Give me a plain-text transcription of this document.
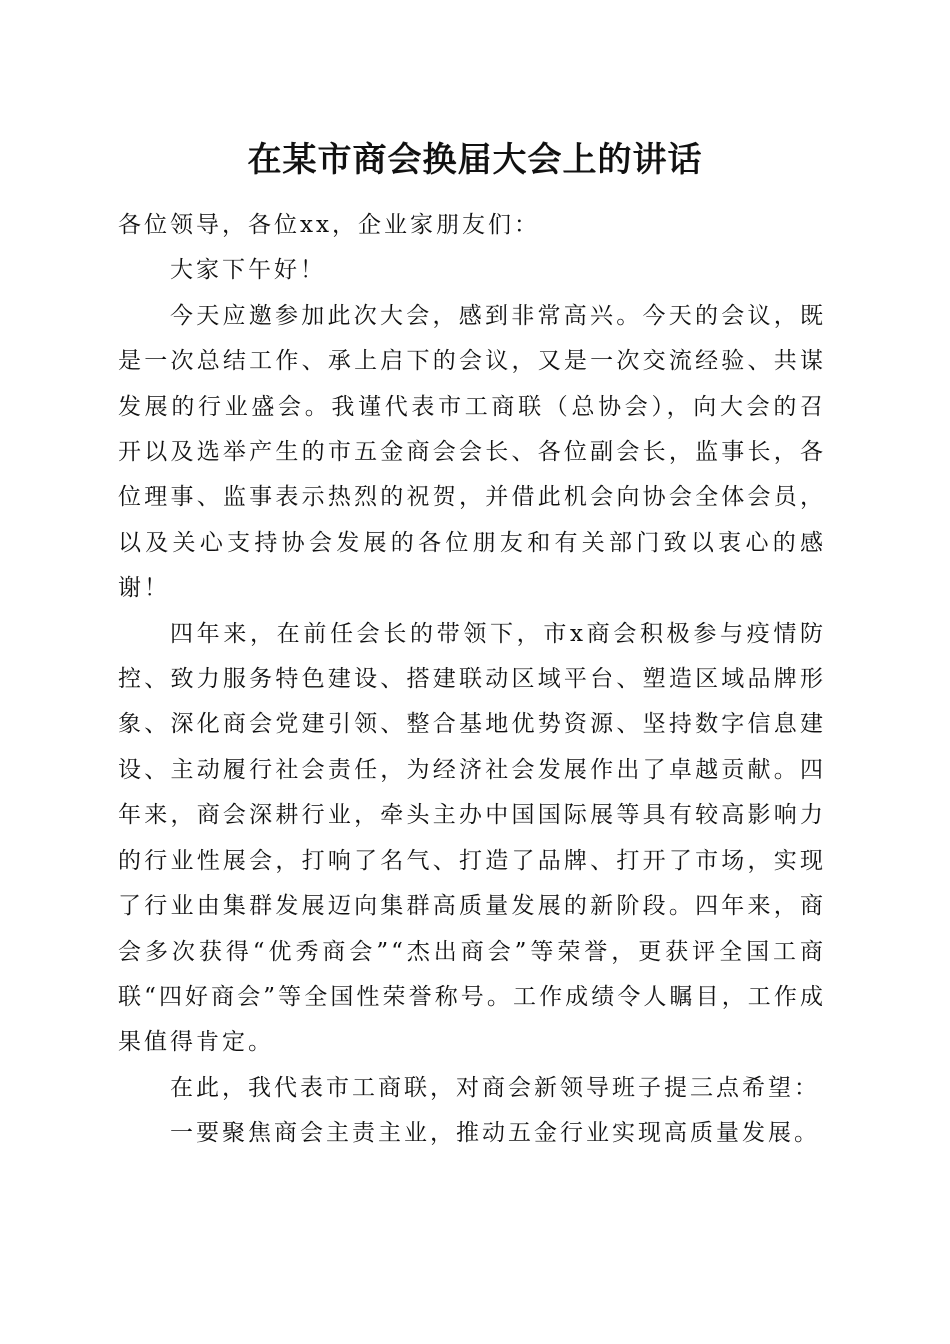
在某市商会换届大会上的讲话

各位领导，各位xx，企业家朋友们：

大家下午好！

今天应邀参加此次大会，感到非常高兴。今天的会议，既是一次总结工作、承上启下的会议，又是一次交流经验、共谋发展的行业盛会。我谨代表市工商联（总协会），向大会的召开以及选举产生的市五金商会会长、各位副会长，监事长，各位理事、监事表示热烈的祝贺，并借此机会向协会全体会员，以及关心支持协会发展的各位朋友和有关部门致以衷心的感谢！

四年来，在前任会长的带领下，市x商会积极参与疫情防控、致力服务特色建设、搭建联动区域平台、塑造区域品牌形象、深化商会党建引领、整合基地优势资源、坚持数字信息建设、主动履行社会责任，为经济社会发展作出了卓越贡献。四年来，商会深耕行业，牵头主办中国国际展等具有较高影响力的行业性展会，打响了名气、打造了品牌、打开了市场，实现了行业由集群发展迈向集群高质量发展的新阶段。四年来，商会多次获得“优秀商会”“杰出商会”等荣誉，更获评全国工商联“四好商会”等全国性荣誉称号。工作成绩令人瞩目，工作成果值得肯定。

在此，我代表市工商联，对商会新领导班子提三点希望：

一要聚焦商会主责主业，推动五金行业实现高质量发展。
